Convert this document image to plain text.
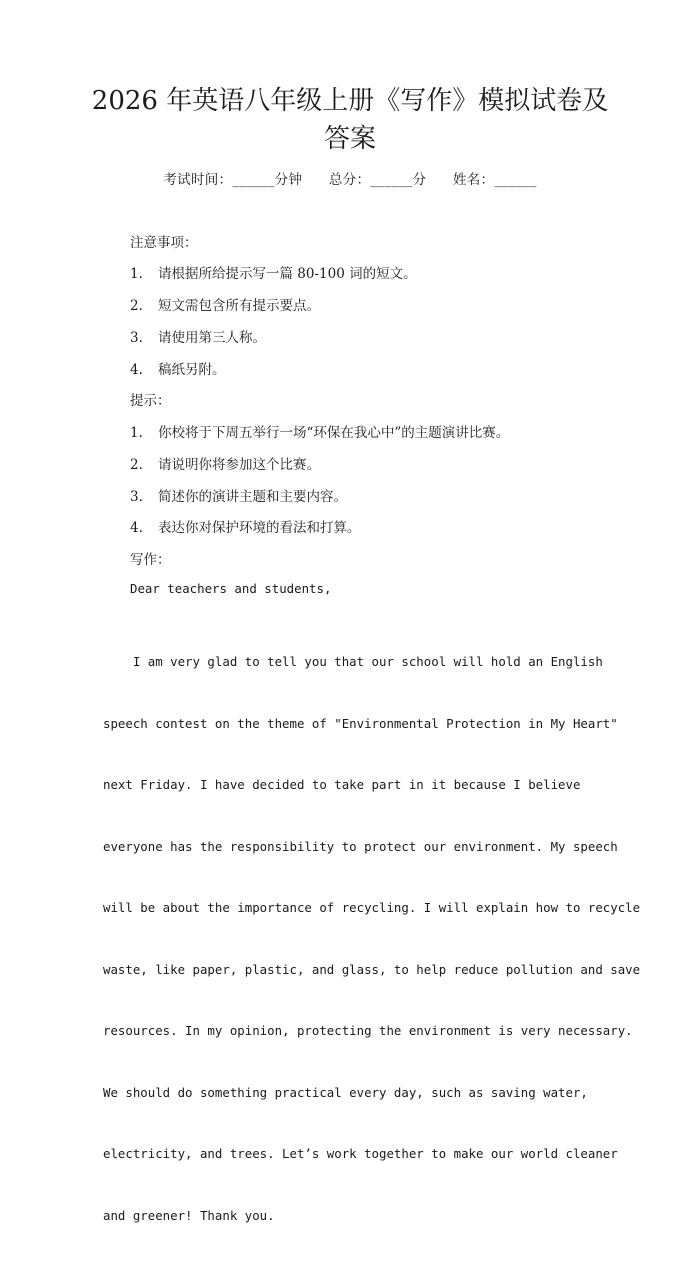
2026 年英语八年级上册《写作》模拟试卷及
答案
考试时间：______分钟 总分：______分 姓名：______
注意事项：
1. 请根据所给提示写一篇 80-100 词的短文。
2. 短文需包含所有提示要点。
3. 请使用第三人称。
4. 稿纸另附。
提示：
1. 你校将于下周五举行一场“环保在我心中”的主题演讲比赛。
2. 请说明你将参加这个比赛。
3. 简述你的演讲主题和主要内容。
4. 表达你对保护环境的看法和打算。
写作：
Dear teachers and students,

I am very glad to tell you that our school will hold an English

speech contest on the theme of "Environmental Protection in My Heart"

next Friday. I have decided to take part in it because I believe

everyone has the responsibility to protect our environment. My speech

will be about the importance of recycling. I will explain how to recycle

waste, like paper, plastic, and glass, to help reduce pollution and save

resources. In my opinion, protecting the environment is very necessary.

We should do something practical every day, such as saving water,

electricity, and trees. Let’s work together to make our world cleaner

and greener! Thank you.
